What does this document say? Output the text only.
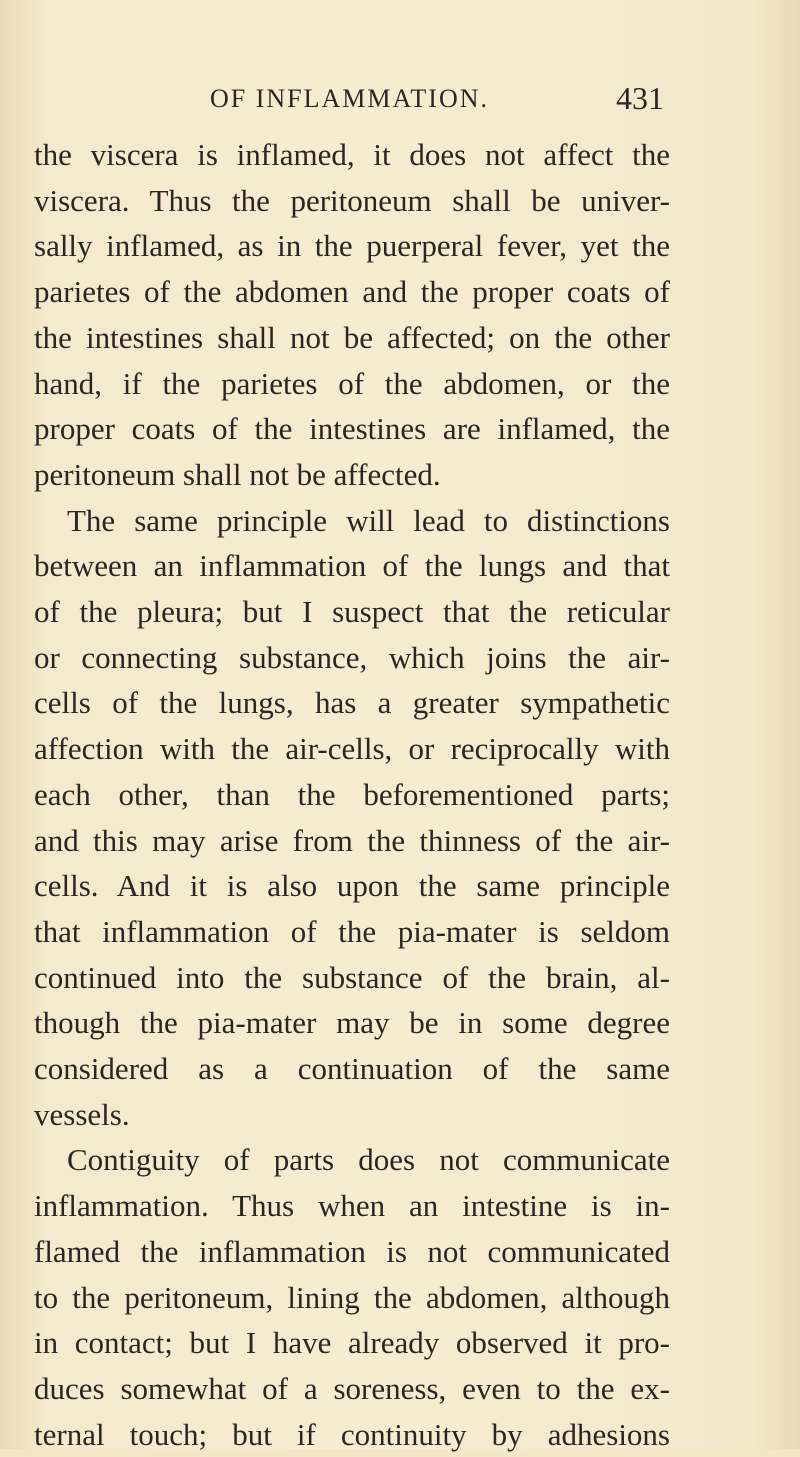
OF INFLAMMATION.	431
the viscera is inflamed, it does not affect the
viscera. Thus the peritoneum shall be univer-
sally inflamed, as in the puerperal fever, yet the
parietes of the abdomen and the proper coats of
the intestines shall not be affected; on the other
hand, if the parietes of the abdomen, or the
proper coats of the intestines are inflamed, the
peritoneum shall not be affected.
The same principle will lead to distinctions
between an inflammation of the lungs and that
of the pleura; but I suspect that the reticular
or connecting substance, which joins the air-
cells of the lungs, has a greater sympathetic
affection with the air-cells, or reciprocally with
each other, than the beforementioned parts;
and this may arise from the thinness of the air-
cells. And it is also upon the same principle
that inflammation of the pia-mater is seldom
continued into the substance of the brain, al-
though the pia-mater may be in some degree
considered as a continuation of the same
vessels.
Contiguity of parts does not communicate
inflammation. Thus when an intestine is in-
flamed the inflammation is not communicated
to the peritoneum, lining the abdomen, although
in contact; but I have already observed it pro-
duces somewhat of a soreness, even to the ex-
ternal touch; but if continuity by adhesions
